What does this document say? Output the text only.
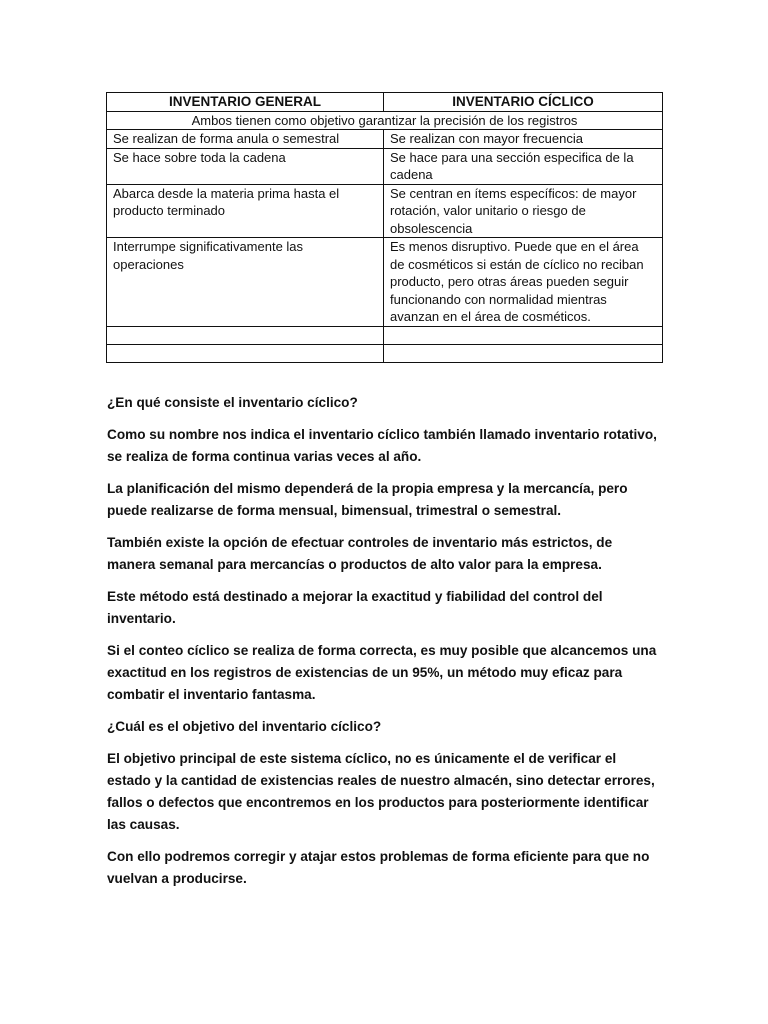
INVENTARIO GENERAL	INVENTARIO CÍCLICO
Ambos tienen como objetivo garantizar la precisión de los registros	
Se realizan de forma anula o semestral	Se realizan con mayor frecuencia
Se hace sobre toda la cadena	Se hace para una sección especifica de la cadena
Abarca desde la materia prima hasta el producto terminado	Se centran en ítems específicos: de mayor rotación, valor unitario o riesgo de obsolescencia
Interrumpe significativamente las operaciones	Es menos disruptivo. Puede que en el área de cosméticos si están de cíclico no reciban producto, pero otras áreas pueden seguir funcionando con normalidad mientras avanzan en el área de cosméticos.

¿En qué consiste el inventario cíclico?

Como su nombre nos indica el inventario cíclico también llamado inventario rotativo, se realiza de forma continua varias veces al año.

La planificación del mismo dependerá de la propia empresa y la mercancía, pero puede realizarse de forma mensual, bimensual, trimestral o semestral.

También existe la opción de efectuar controles de inventario más estrictos, de manera semanal para mercancías o productos de alto valor para la empresa.

Este método está destinado a mejorar la exactitud y fiabilidad del control del inventario.

Si el conteo cíclico se realiza de forma correcta, es muy posible que alcancemos una exactitud en los registros de existencias de un 95%, un método muy eficaz para combatir el inventario fantasma.

¿Cuál es el objetivo del inventario cíclico?

El objetivo principal de este sistema cíclico, no es únicamente el de verificar el estado y la cantidad de existencias reales de nuestro almacén, sino detectar errores, fallos o defectos que encontremos en los productos para posteriormente identificar las causas.

Con ello podremos corregir y atajar estos problemas de forma eficiente para que no vuelvan a producirse.
